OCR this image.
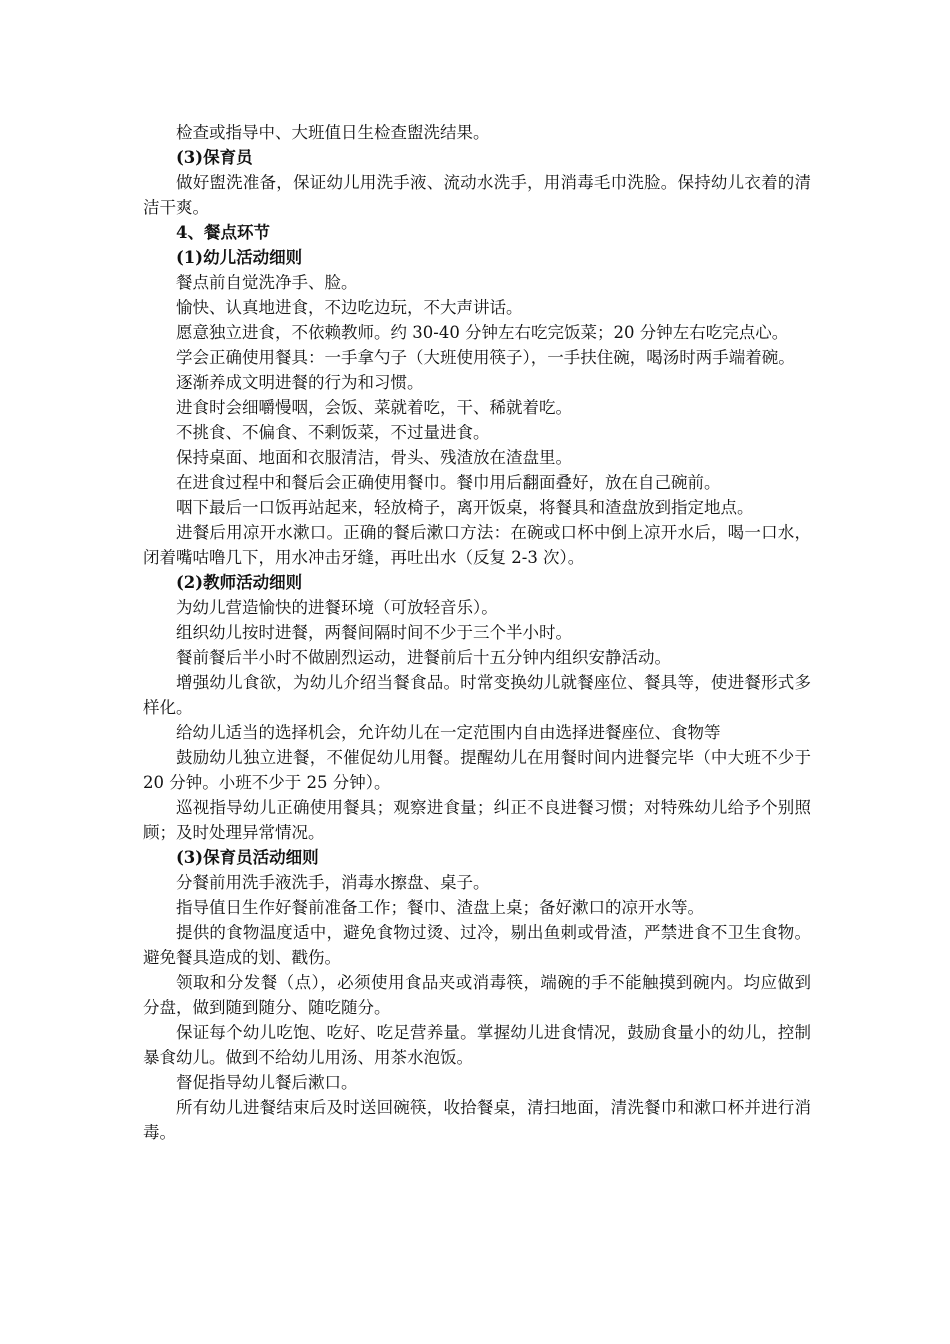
检查或指导中、大班值日生检查盥洗结果。

(3)保育员

做好盥洗准备，保证幼儿用洗手液、流动水洗手，用消毒毛巾洗脸。保持幼儿衣着的清洁干爽。

4、餐点环节

(1)幼儿活动细则

餐点前自觉洗净手、脸。

愉快、认真地进食，不边吃边玩，不大声讲话。

愿意独立进食，不依赖教师。约 30-40 分钟左右吃完饭菜；20 分钟左右吃完点心。

学会正确使用餐具：一手拿勺子（大班使用筷子），一手扶住碗，喝汤时两手端着碗。

逐渐养成文明进餐的行为和习惯。

进食时会细嚼慢咽，会饭、菜就着吃，干、稀就着吃。

不挑食、不偏食、不剩饭菜，不过量进食。

保持桌面、地面和衣服清洁，骨头、残渣放在渣盘里。

在进食过程中和餐后会正确使用餐巾。餐巾用后翻面叠好，放在自己碗前。

咽下最后一口饭再站起来，轻放椅子，离开饭桌，将餐具和渣盘放到指定地点。

进餐后用凉开水漱口。正确的餐后漱口方法：在碗或口杯中倒上凉开水后，喝一口水，闭着嘴咕噜几下，用水冲击牙缝，再吐出水（反复 2-3 次）。

(2)教师活动细则

为幼儿营造愉快的进餐环境（可放轻音乐）。

组织幼儿按时进餐，两餐间隔时间不少于三个半小时。

餐前餐后半小时不做剧烈运动，进餐前后十五分钟内组织安静活动。

增强幼儿食欲，为幼儿介绍当餐食品。时常变换幼儿就餐座位、餐具等，使进餐形式多样化。

给幼儿适当的选择机会，允许幼儿在一定范围内自由选择进餐座位、食物等

鼓励幼儿独立进餐，不催促幼儿用餐。提醒幼儿在用餐时间内进餐完毕（中大班不少于 20 分钟。小班不少于 25 分钟）。

巡视指导幼儿正确使用餐具；观察进食量；纠正不良进餐习惯；对特殊幼儿给予个别照顾；及时处理异常情况。

(3)保育员活动细则

分餐前用洗手液洗手，消毒水擦盘、桌子。

指导值日生作好餐前准备工作；餐巾、渣盘上桌；备好漱口的凉开水等。

提供的食物温度适中，避免食物过烫、过冷，剔出鱼刺或骨渣，严禁进食不卫生食物。避免餐具造成的划、戳伤。

领取和分发餐（点），必须使用食品夹或消毒筷，端碗的手不能触摸到碗内。均应做到分盘，做到随到随分、随吃随分。

保证每个幼儿吃饱、吃好、吃足营养量。掌握幼儿进食情况，鼓励食量小的幼儿，控制暴食幼儿。做到不给幼儿用汤、用茶水泡饭。

督促指导幼儿餐后漱口。

所有幼儿进餐结束后及时送回碗筷，收拾餐桌，清扫地面，清洗餐巾和漱口杯并进行消毒。
